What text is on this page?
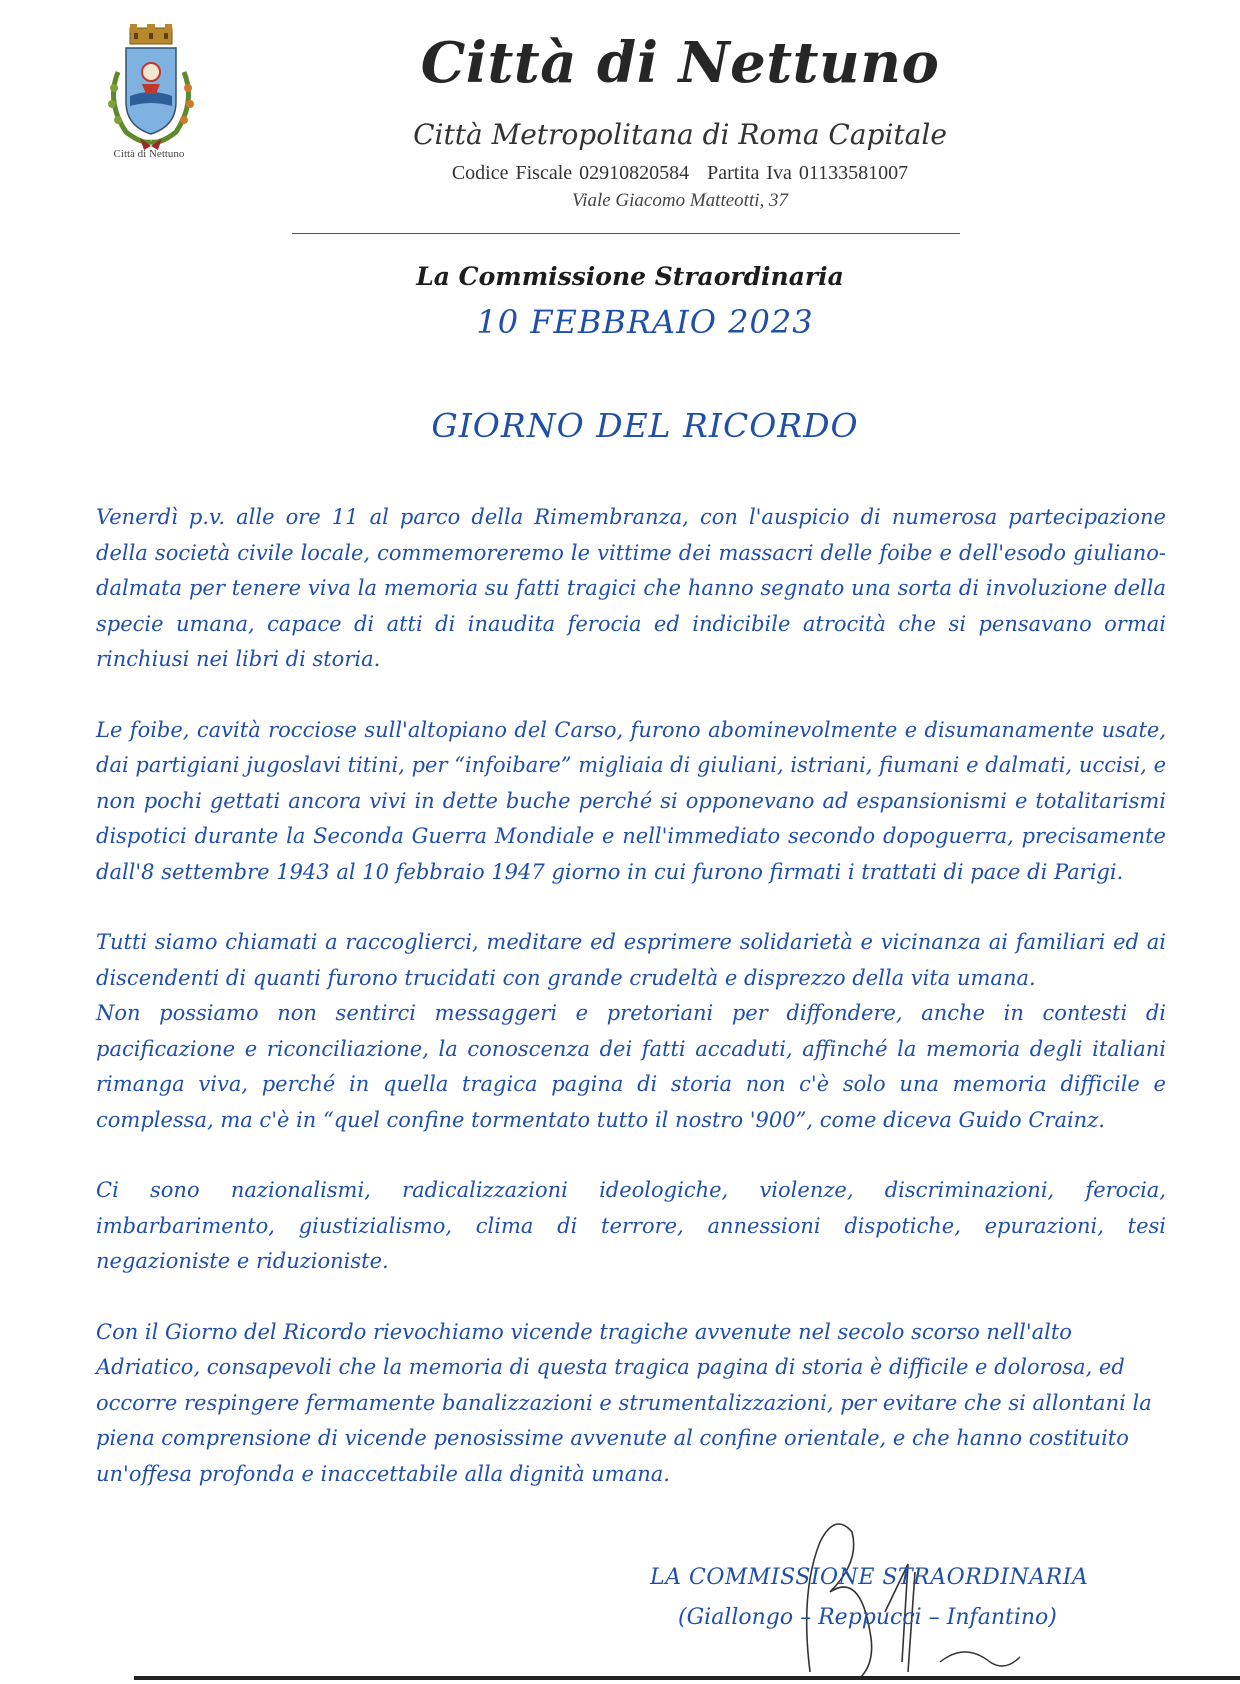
Città di Nettuno
Città di Nettuno
Città Metropolitana di Roma Capitale
Codice Fiscale 02910820584 Partita Iva 01133581007
Viale Giacomo Matteotti, 37
La Commissione Straordinaria
10 FEBBRAIO 2023
GIORNO DEL RICORDO

Venerdì p.v. alle ore 11 al parco della Rimembranza, con l'auspicio di numerosa partecipazione della società civile locale, commemoreremo le vittime dei massacri delle foibe e dell'esodo giuliano-dalmata per tenere viva la memoria su fatti tragici che hanno segnato una sorta di involuzione della specie umana, capace di atti di inaudita ferocia ed indicibile atrocità che si pensavano ormai rinchiusi nei libri di storia.

Le foibe, cavità rocciose sull'altopiano del Carso, furono abominevolmente e disumanamente usate, dai partigiani jugoslavi titini, per “infoibare” migliaia di giuliani, istriani, fiumani e dalmati, uccisi, e non pochi gettati ancora vivi in dette buche perché si opponevano ad espansionismi e totalitarismi dispotici durante la Seconda Guerra Mondiale e nell'immediato secondo dopoguerra, precisamente dall'8 settembre 1943 al 10 febbraio 1947 giorno in cui furono firmati i trattati di pace di Parigi.

Tutti siamo chiamati a raccoglierci, meditare ed esprimere solidarietà e vicinanza ai familiari ed ai discendenti di quanti furono trucidati con grande crudeltà e disprezzo della vita umana.

Non possiamo non sentirci messaggeri e pretoriani per diffondere, anche in contesti di pacificazione e riconciliazione, la conoscenza dei fatti accaduti, affinché la memoria degli italiani rimanga viva, perché in quella tragica pagina di storia non c'è solo una memoria difficile e complessa, ma c'è in “quel confine tormentato tutto il nostro '900”, come diceva Guido Crainz.

Ci sono nazionalismi, radicalizzazioni ideologiche, violenze, discriminazioni, ferocia, imbarbarimento, giustizialismo, clima di terrore, annessioni dispotiche, epurazioni, tesi negazioniste e riduzioniste.

Con il Giorno del Ricordo rievochiamo vicende tragiche avvenute nel secolo scorso nell'alto Adriatico, consapevoli che la memoria di questa tragica pagina di storia è difficile e dolorosa, ed occorre respingere fermamente banalizzazioni e strumentalizzazioni, per evitare che si allontani la piena comprensione di vicende penosissime avvenute al confine orientale, e che hanno costituito un'offesa profonda e inaccettabile alla dignità umana.

LA COMMISSIONE STRAORDINARIA
(Giallongo – Reppucci – Infantino)
